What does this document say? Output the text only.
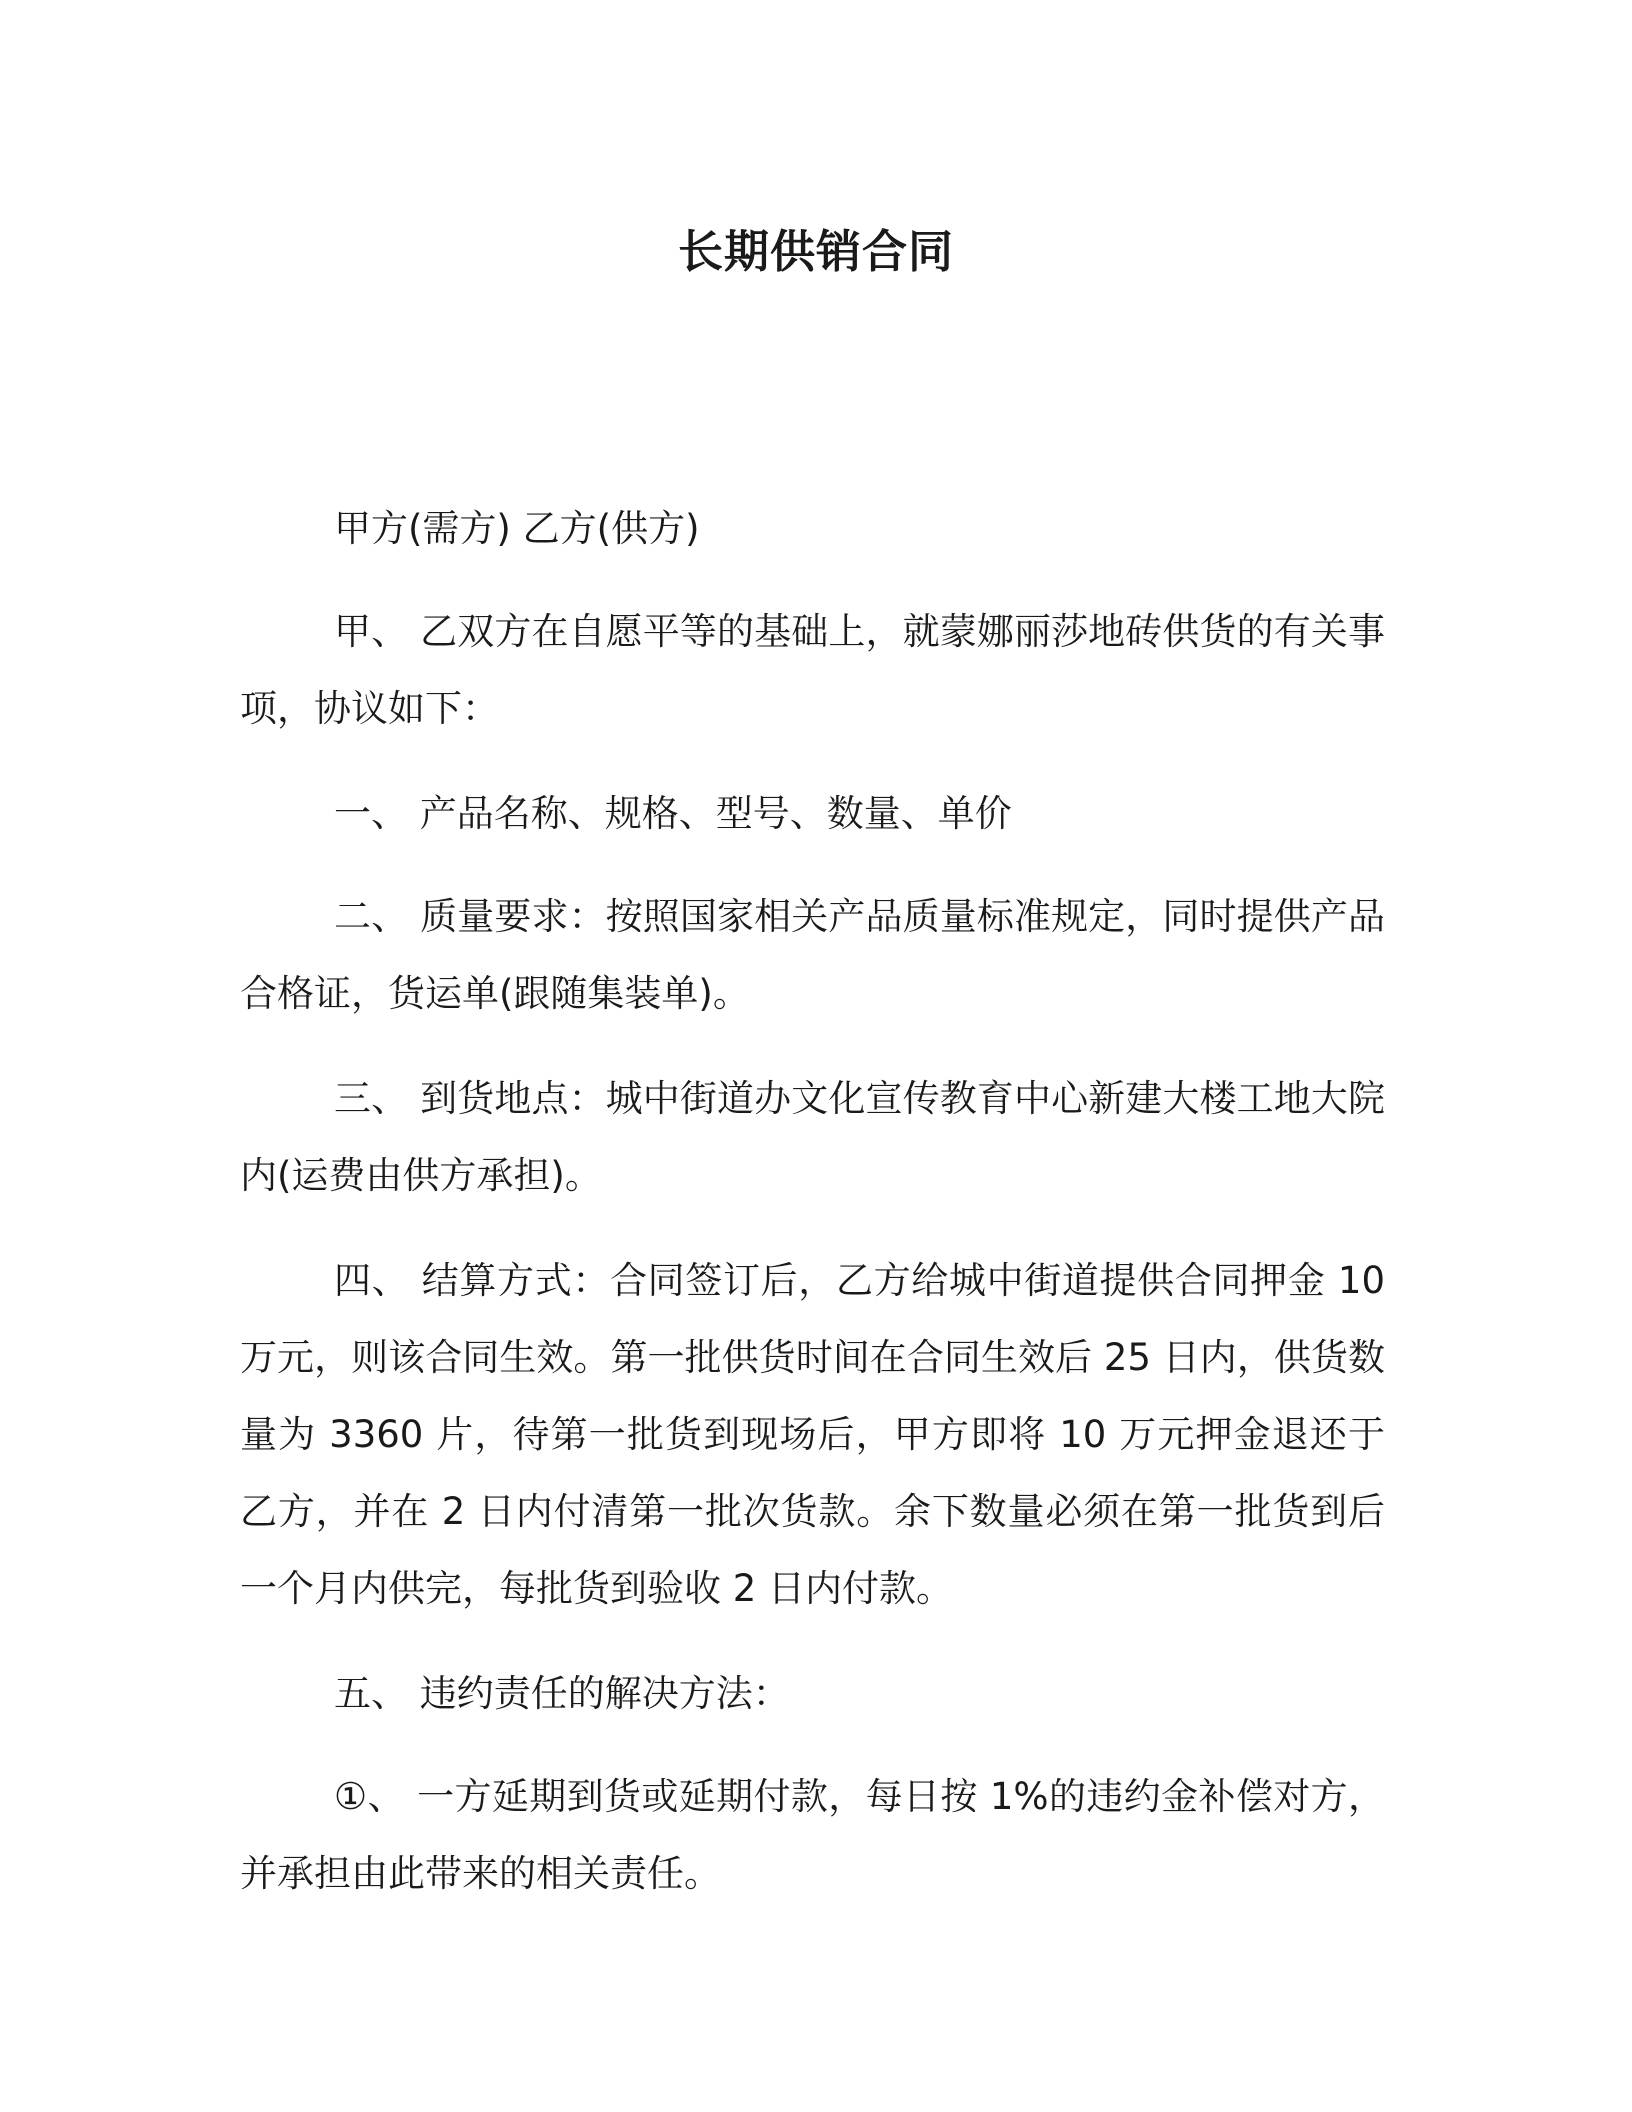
长期供销合同

甲方(需方) 乙方(供方)

甲、 乙双方在自愿平等的基础上，就蒙娜丽莎地砖供货的有关事项，协议如下：

一、 产品名称、规格、型号、数量、单价

二、 质量要求：按照国家相关产品质量标准规定，同时提供产品合格证，货运单(跟随集装单)。

三、 到货地点：城中街道办文化宣传教育中心新建大楼工地大院内(运费由供方承担)。

四、 结算方式：合同签订后，乙方给城中街道提供合同押金 10 万元，则该合同生效。第一批供货时间在合同生效后 25 日内，供货数量为 3360 片，待第一批货到现场后，甲方即将 10 万元押金退还于乙方，并在 2 日内付清第一批次货款。余下数量必须在第一批货到后一个月内供完，每批货到验收 2 日内付款。

五、 违约责任的解决方法：

①、 一方延期到货或延期付款，每日按 1%的违约金补偿对方，并承担由此带来的相关责任。
